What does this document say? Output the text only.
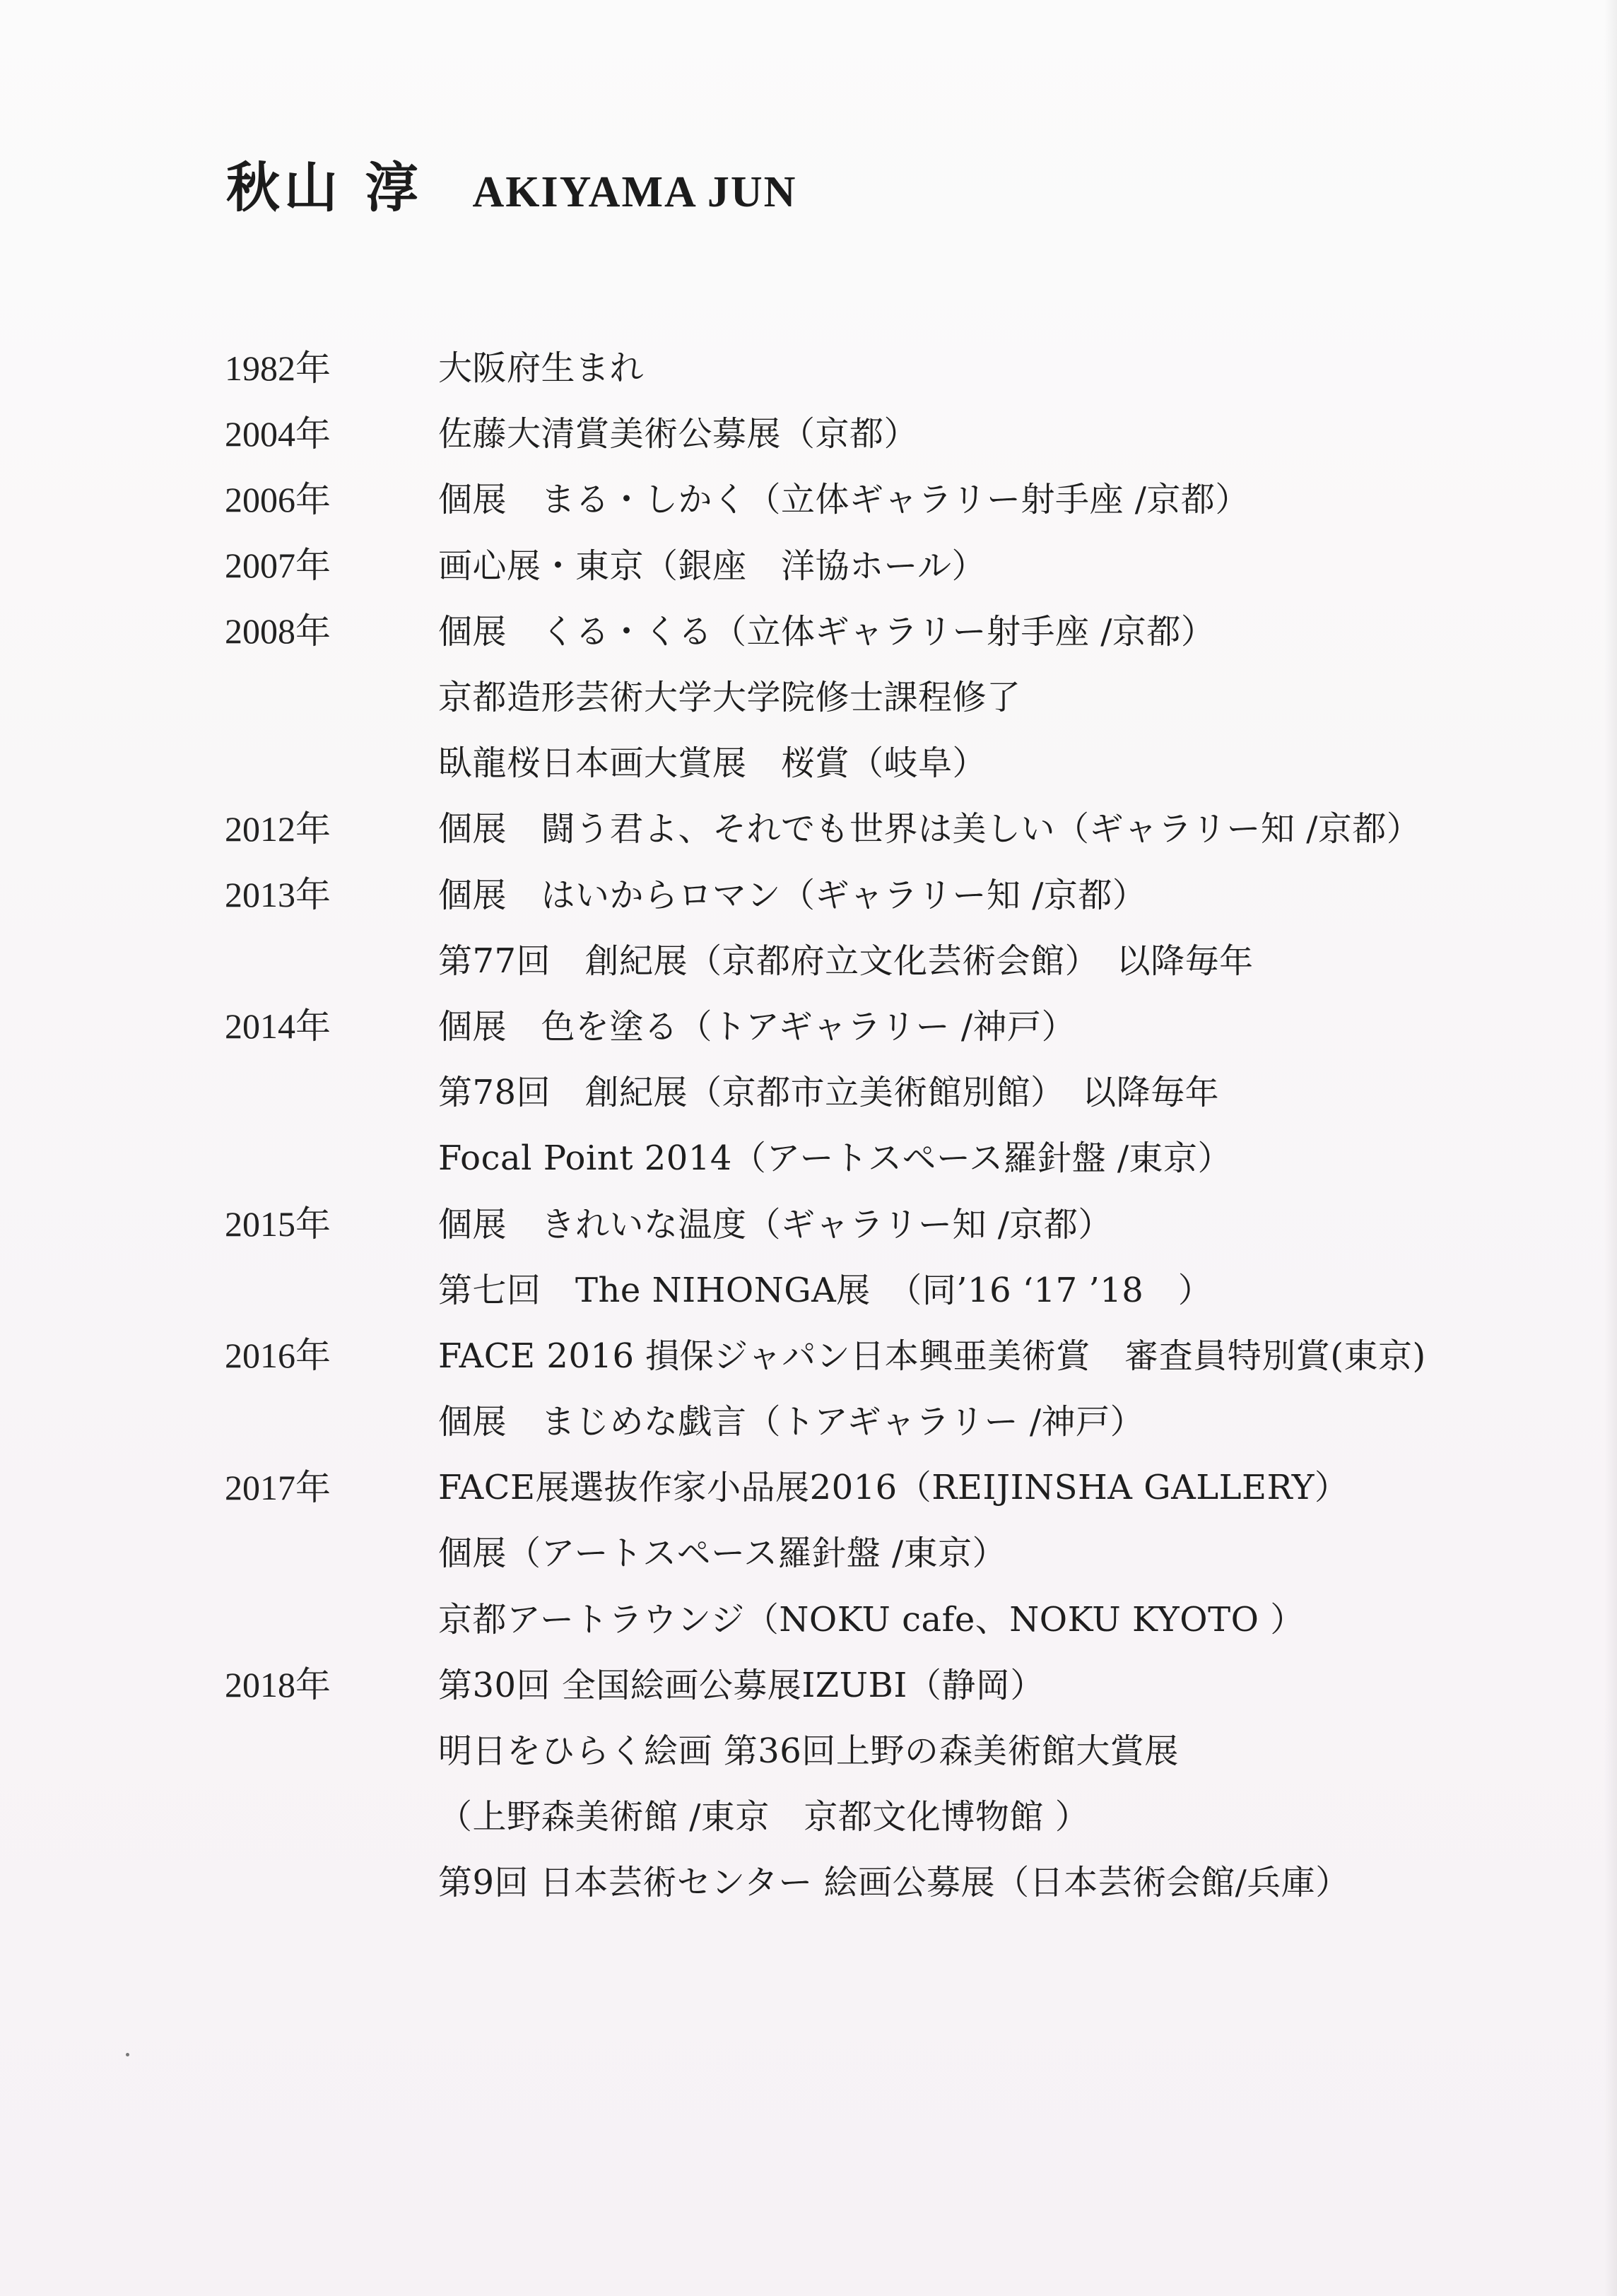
秋山 淳 AKIYAMA JUN
1982年	大阪府生まれ
2004年	佐藤大清賞美術公募展（京都）
2006年	個展　まる・しかく（立体ギャラリー射手座 /京都）
2007年	画心展・東京（銀座　洋協ホール）
2008年	個展　くる・くる（立体ギャラリー射手座 /京都）
京都造形芸術大学大学院修士課程修了
臥龍桜日本画大賞展　桜賞（岐阜）
2012年	個展　闘う君よ、それでも世界は美しい（ギャラリー知 /京都）
2013年	個展　はいからロマン（ギャラリー知 /京都）
第77回　創紀展（京都府立文化芸術会館）　以降毎年
2014年	個展　色を塗る（トアギャラリー /神戸）
第78回　創紀展（京都市立美術館別館）　以降毎年
Focal Point 2014（アートスペース羅針盤 /東京）
2015年	個展　きれいな温度（ギャラリー知 /京都）
第七回　The NIHONGA展　（同’16 ‘17 ’18　）
2016年	FACE 2016 損保ジャパン日本興亜美術賞　審査員特別賞(東京)
個展　まじめな戯言（トアギャラリー /神戸）
2017年	FACE展選抜作家小品展2016（REIJINSHA GALLERY）
個展（アートスペース羅針盤 /東京）
京都アートラウンジ（NOKU cafe、NOKU KYOTO ）
2018年	第30回 全国絵画公募展IZUBI（静岡）
明日をひらく絵画 第36回上野の森美術館大賞展
（上野森美術館 /東京　京都文化博物館 ）
第9回 日本芸術センター 絵画公募展（日本芸術会館/兵庫）
